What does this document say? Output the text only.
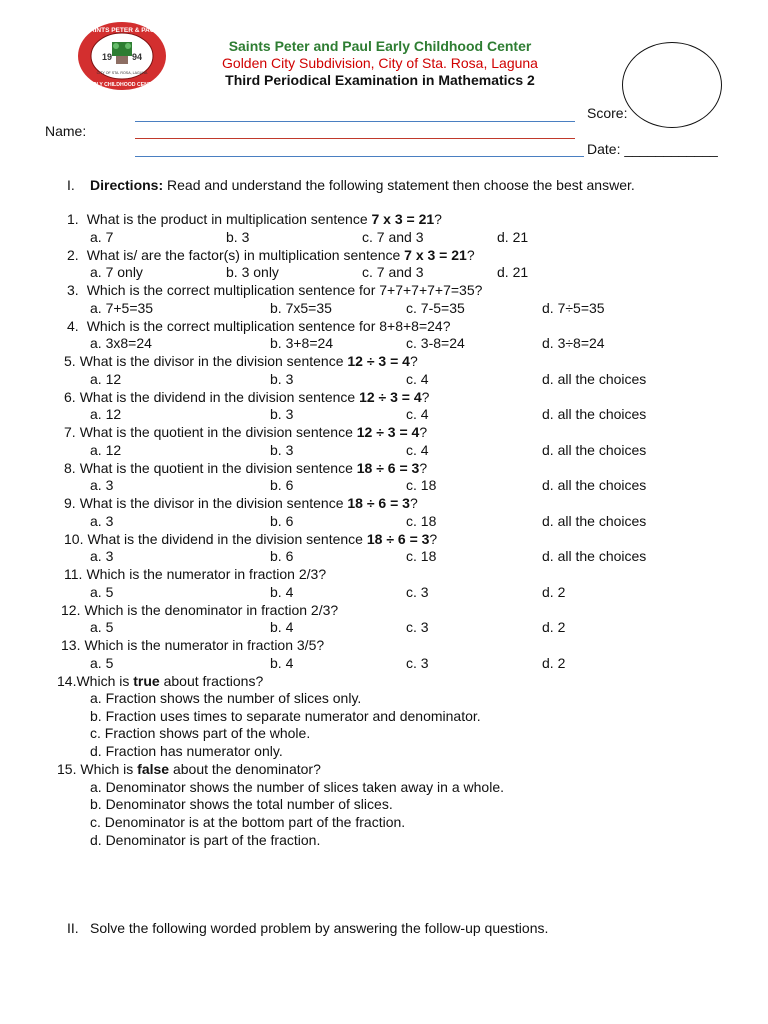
19 94
SAINTS PETER & PAUL
EARLY CHILDHOOD CENTER
CITY OF STA. ROSA, LAGUNA
Saints Peter and Paul Early Childhood Center
Golden City Subdivision, City of Sta. Rosa, Laguna
Third Periodical Examination in Mathematics 2
Score:
Name:
Date: ____________
I. Directions: Read and understand the following statement then choose the best answer.
1. What is the product in multiplication sentence 7 x 3 = 21?
a. 7	b. 3	c. 7 and 3	d. 21
2. What is/ are the factor(s) in multiplication sentence 7 x 3 = 21?
a. 7 only	b. 3 only	c. 7 and 3	d. 21
3. Which is the correct multiplication sentence for 7+7+7+7+7=35?
a. 7+5=35	b. 7x5=35	c. 7-5=35	d. 7÷5=35
4. Which is the correct multiplication sentence for 8+8+8=24?
a. 3x8=24	b. 3+8=24	c. 3-8=24	d. 3÷8=24
5. What is the divisor in the division sentence 12 ÷ 3 = 4?
a. 12	b. 3	c. 4	d. all the choices
6. What is the dividend in the division sentence 12 ÷ 3 = 4?
a. 12	b. 3	c. 4	d. all the choices
7. What is the quotient in the division sentence 12 ÷ 3 = 4?
a. 12	b. 3	c. 4	d. all the choices
8. What is the quotient in the division sentence 18 ÷ 6 = 3?
a. 3	b. 6	c. 18	d. all the choices
9. What is the divisor in the division sentence 18 ÷ 6 = 3?
a. 3	b. 6	c. 18	d. all the choices
10. What is the dividend in the division sentence 18 ÷ 6 = 3?
a. 3	b. 6	c. 18	d. all the choices
11. Which is the numerator in fraction 2/3?
a. 5	b. 4	c. 3	d. 2
12. Which is the denominator in fraction 2/3?
a. 5	b. 4	c. 3	d. 2
13. Which is the numerator in fraction 3/5?
a. 5	b. 4	c. 3	d. 2
14.Which is true about fractions?
a. Fraction shows the number of slices only.
b. Fraction uses times to separate numerator and denominator.
c. Fraction shows part of the whole.
d. Fraction has numerator only.
15. Which is false about the denominator?
a. Denominator shows the number of slices taken away in a whole.
b. Denominator shows the total number of slices.
c. Denominator is at the bottom part of the fraction.
d. Denominator is part of the fraction.
II. Solve the following worded problem by answering the follow-up questions.
